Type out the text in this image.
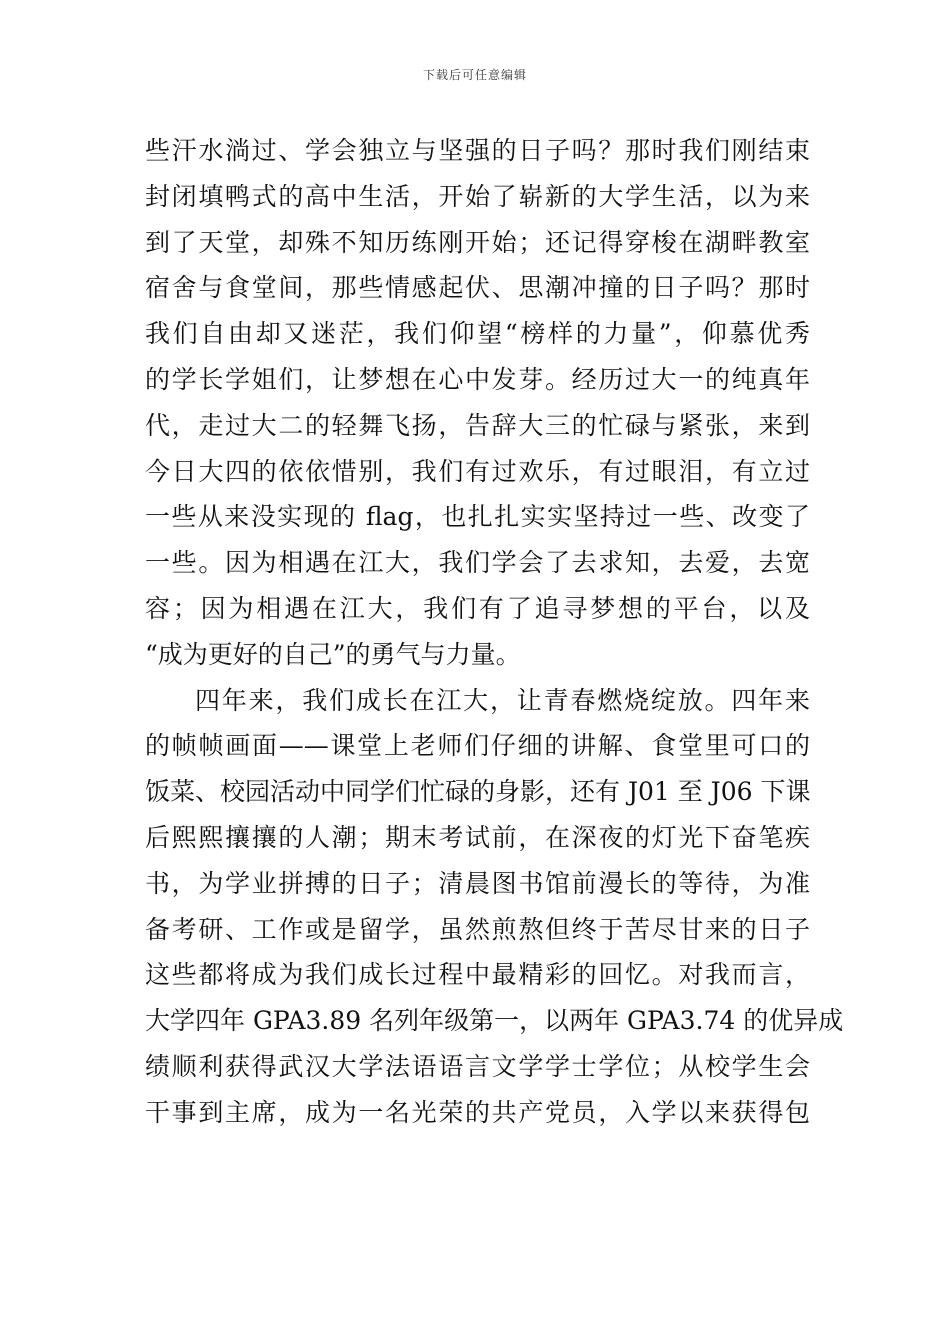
下载后可任意编辑
些汗水淌过、学会独立与坚强的日子吗？那时我们刚结束
封闭填鸭式的高中生活，开始了崭新的大学生活，以为来
到了天堂，却殊不知历练刚开始；还记得穿梭在湖畔教室
宿舍与食堂间，那些情感起伏、思潮冲撞的日子吗？那时
我们自由却又迷茫，我们仰望“榜样的力量”，仰慕优秀
的学长学姐们，让梦想在心中发芽。经历过大一的纯真年
代，走过大二的轻舞飞扬，告辞大三的忙碌与紧张，来到
今日大四的依依惜别，我们有过欢乐，有过眼泪，有立过
一些从来没实现的 flag，也扎扎实实坚持过一些、改变了
一些。因为相遇在江大，我们学会了去求知，去爱，去宽
容；因为相遇在江大，我们有了追寻梦想的平台，以及
“成为更好的自己”的勇气与力量。
四年来，我们成长在江大，让青春燃烧绽放。四年来
的帧帧画面——课堂上老师们仔细的讲解、食堂里可口的
饭菜、校园活动中同学们忙碌的身影，还有 J01 至 J06 下课
后熙熙攘攘的人潮；期末考试前，在深夜的灯光下奋笔疾
书，为学业拼搏的日子；清晨图书馆前漫长的等待，为准
备考研、工作或是留学，虽然煎熬但终于苦尽甘来的日子
这些都将成为我们成长过程中最精彩的回忆。对我而言，
大学四年 GPA3.89 名列年级第一，以两年 GPA3.74 的优异成
绩顺利获得武汉大学法语语言文学学士学位；从校学生会
干事到主席，成为一名光荣的共产党员，入学以来获得包
